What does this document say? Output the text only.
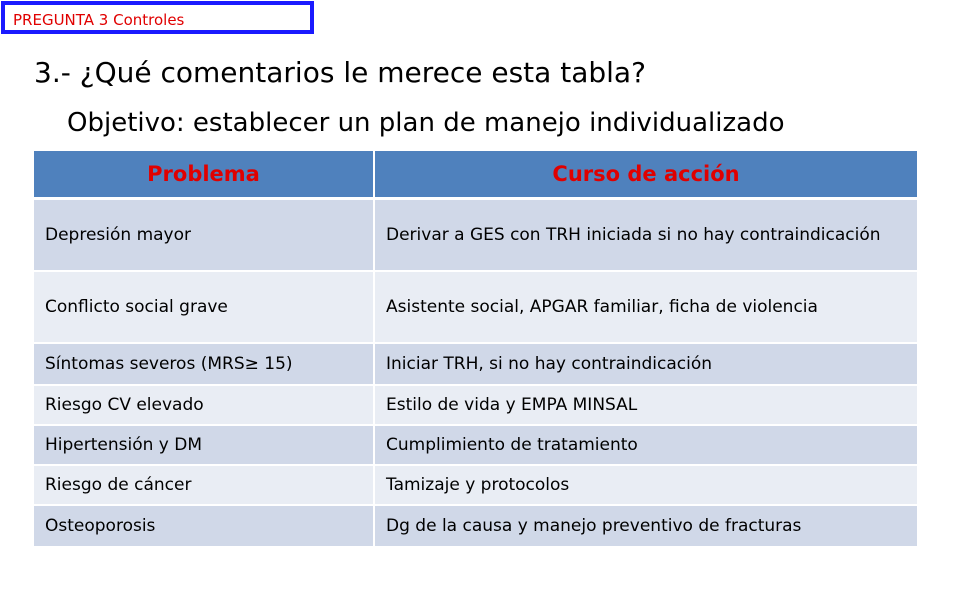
PREGUNTA 3 Controles
3.- ¿Qué comentarios le merece esta tabla?
Objetivo: establecer un plan de manejo individualizado
Problema	Curso de acción
Depresión mayor	Derivar a GES con TRH iniciada si no hay contraindicación
Conflicto social grave	Asistente social, APGAR familiar, ficha de violencia
Síntomas severos (MRS≥ 15)	Iniciar TRH, si no hay contraindicación
Riesgo CV elevado	Estilo de vida y EMPA MINSAL
Hipertensión y DM	Cumplimiento de tratamiento
Riesgo de cáncer	Tamizaje y protocolos
Osteoporosis	Dg de la causa y manejo preventivo de fracturas
